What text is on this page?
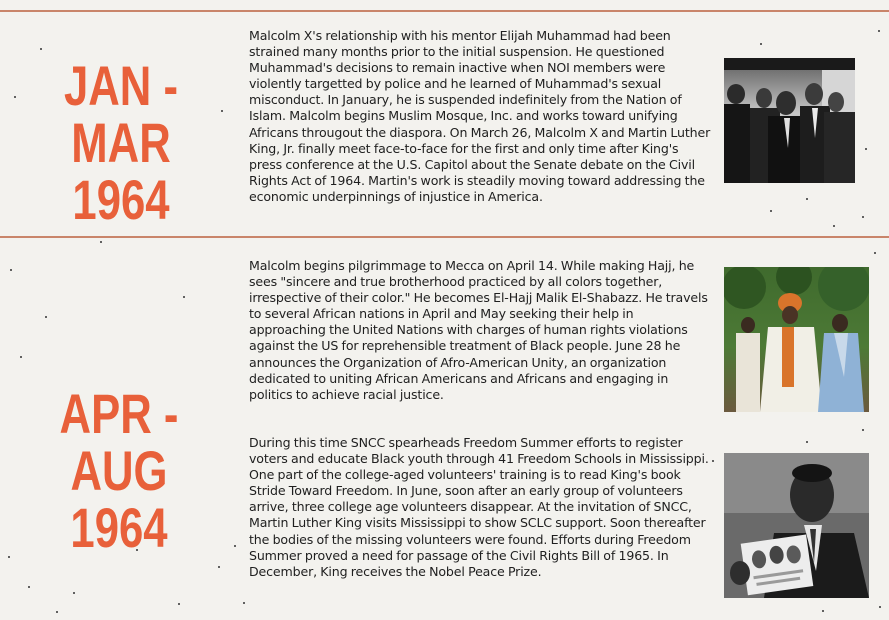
JAN - MAR
1964

Malcolm X's relationship with his mentor Elijah Muhammad had been strained many months prior to the initial suspension. He questioned Muhammad's decisions to remain inactive when NOI members were violently targetted by police and he learned of Muhammad's sexual misconduct. In January, he is suspended indefinitely from the Nation of Islam. Malcolm begins Muslim Mosque, Inc. and works toward unifying Africans througout the diaspora. On March 26, Malcolm X and Martin Luther King, Jr. finally meet face-to-face for the first and only time after King's press conference at the U.S. Capitol about the Senate debate on the Civil Rights Act of 1964. Martin's work is steadily moving toward addressing the economic underpinnings of injustice in America.

APR -AUG
1964

Malcolm begins pilgrimmage to Mecca on April 14. While making Hajj, he sees "sincere and true brotherhood practiced by all colors together, irrespective of their color." He becomes El-Hajj Malik El-Shabazz. He travels to several African nations in April and May seeking their help in approaching the United Nations with charges of human rights violations against the US for reprehensible treatment of Black people. June 28 he announces the Organization of Afro-American Unity, an organization dedicated to uniting African Americans and Africans and engaging in politics to achieve racial justice.

During this time SNCC spearheads Freedom Summer efforts to register voters and educate Black youth through 41 Freedom Schools in Mississippi. One part of the college-aged volunteers' training is to read King's book Stride Toward Freedom. In June, soon after an early group of volunteers arrive, three college age volunteers disappear. At the invitation of SNCC, Martin Luther King visits Mississippi to show SCLC support. Soon thereafter the bodies of the missing volunteers were found. Efforts during Freedom Summer proved a need for passage of the Civil Rights Bill of 1965. In December, King receives the Nobel Peace Prize.
